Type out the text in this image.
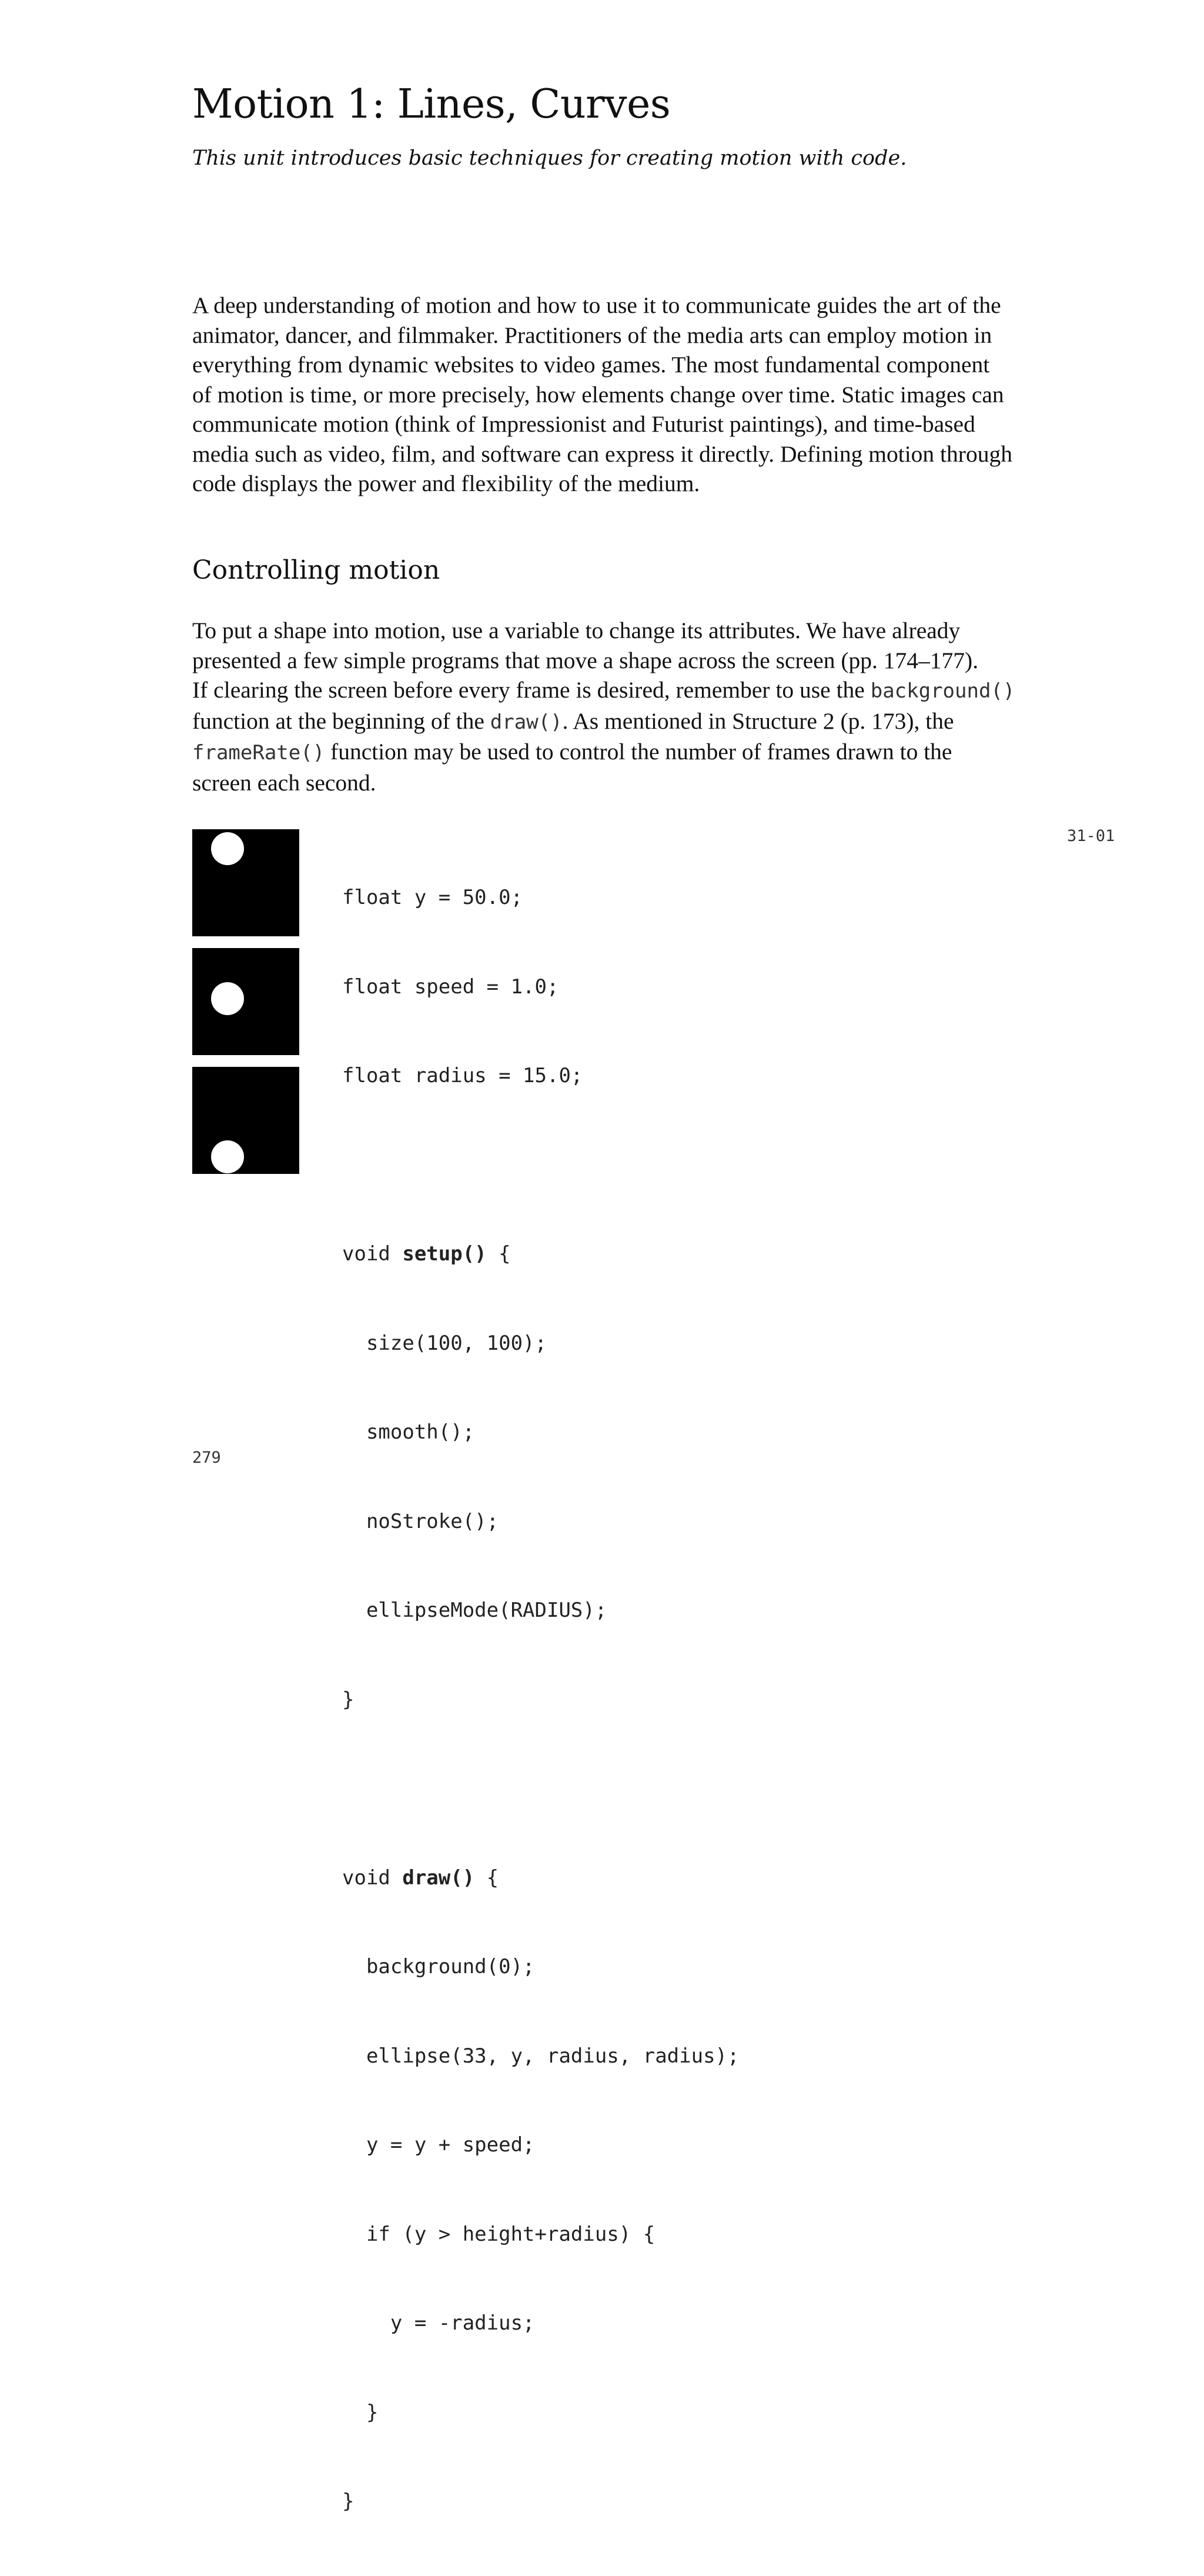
Motion 1: Lines, Curves

This unit introduces basic techniques for creating motion with code.

A deep understanding of motion and how to use it to communicate guides the art of the
animator, dancer, and filmmaker. Practitioners of the media arts can employ motion in
everything from dynamic websites to video games. The most fundamental component
of motion is time, or more precisely, how elements change over time. Static images can
communicate motion (think of Impressionist and Futurist paintings), and time-based
media such as video, film, and software can express it directly. Defining motion through
code displays the power and flexibility of the medium.

Controlling motion

To put a shape into motion, use a variable to change its attributes. We have already
presented a few simple programs that move a shape across the screen (pp. 174–177).
If clearing the screen before every frame is desired, remember to use the background()
function at the beginning of the draw(). As mentioned in Structure 2 (p. 173), the
frameRate() function may be used to control the number of frames drawn to the
screen each second.

float y = 50.0;

float speed = 1.0;

float radius = 15.0;

void setup() {

size(100, 100);

smooth();

noStroke();

ellipseMode(RADIUS);

}

void draw() {

background(0);

ellipse(33, y, radius, radius);

y = y + speed;

if (y > height+radius) {

y = -radius;

}

}

31-01
279
